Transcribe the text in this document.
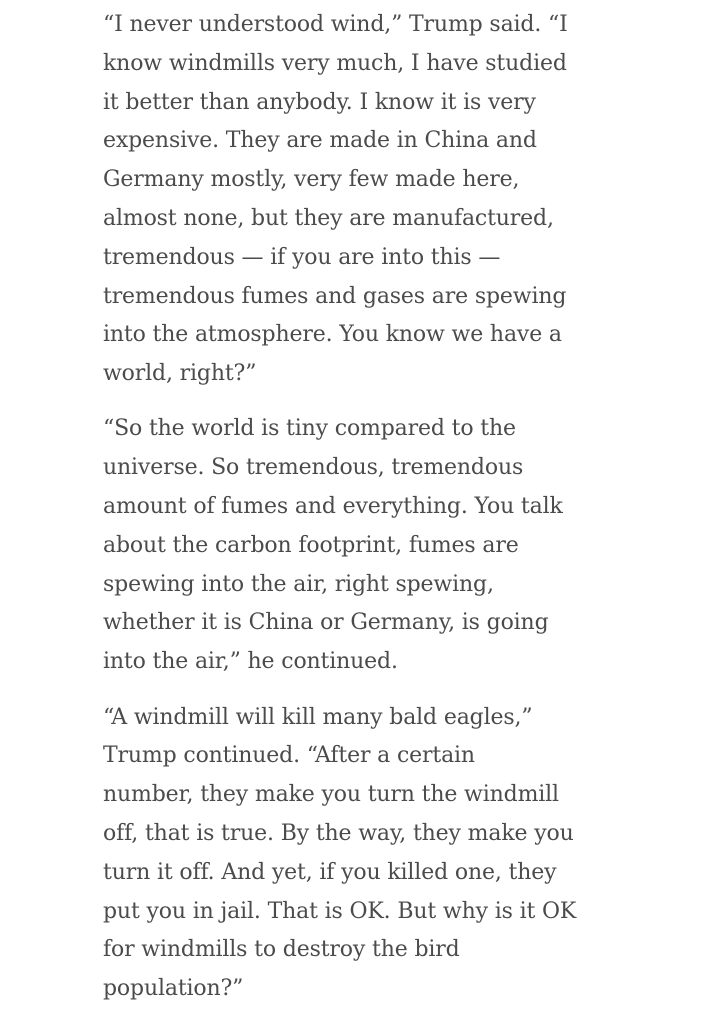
“I never understood wind,” Trump said. “I
know windmills very much, I have studied
it better than anybody. I know it is very
expensive. They are made in China and
Germany mostly, very few made here,
almost none, but they are manufactured,
tremendous — if you are into this —
tremendous fumes and gases are spewing
into the atmosphere. You know we have a
world, right?”

“So the world is tiny compared to the
universe. So tremendous, tremendous
amount of fumes and everything. You talk
about the carbon footprint, fumes are
spewing into the air, right spewing,
whether it is China or Germany, is going
into the air,” he continued.

“A windmill will kill many bald eagles,”
Trump continued. “After a certain
number, they make you turn the windmill
off, that is true. By the way, they make you
turn it off. And yet, if you killed one, they
put you in jail. That is OK. But why is it OK
for windmills to destroy the bird
population?”
